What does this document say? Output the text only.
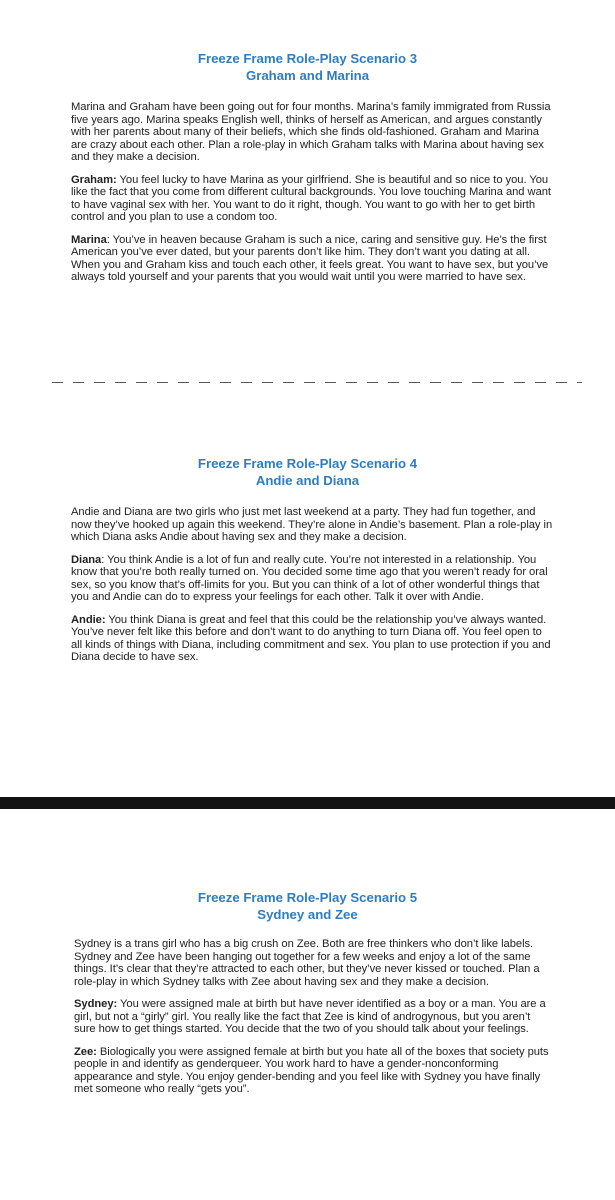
Freeze Frame Role-Play Scenario 3
Graham and Marina

Marina and Graham have been going out for four months. Marina’s family immigrated from Russia five years ago. Marina speaks English well, thinks of herself as American, and argues constantly with her parents about many of their beliefs, which she finds old-fashioned. Graham and Marina are crazy about each other. Plan a role-play in which Graham talks with Marina about having sex and they make a decision.

Graham: You feel lucky to have Marina as your girlfriend. She is beautiful and so nice to you. You like the fact that you come from different cultural backgrounds. You love touching Marina and want to have vaginal sex with her. You want to do it right, though. You want to go with her to get birth control and you plan to use a condom too.

Marina: You’ve in heaven because Graham is such a nice, caring and sensitive guy. He’s the first American you’ve ever dated, but your parents don’t like him. They don’t want you dating at all. When you and Graham kiss and touch each other, it feels great. You want to have sex, but you’ve always told yourself and your parents that you would wait until you were married to have sex.

Freeze Frame Role-Play Scenario 4
Andie and Diana

Andie and Diana are two girls who just met last weekend at a party. They had fun together, and now they’ve hooked up again this weekend. They’re alone in Andie’s basement. Plan a role-play in which Diana asks Andie about having sex and they make a decision.

Diana: You think Andie is a lot of fun and really cute. You’re not interested in a relationship. You know that you’re both really turned on. You decided some time ago that you weren’t ready for oral sex, so you know that’s off-limits for you. But you can think of a lot of other wonderful things that you and Andie can do to express your feelings for each other. Talk it over with Andie.

Andie: You think Diana is great and feel that this could be the relationship you’ve always wanted. You’ve never felt like this before and don’t want to do anything to turn Diana off. You feel open to all kinds of things with Diana, including commitment and sex. You plan to use protection if you and Diana decide to have sex.

Freeze Frame Role-Play Scenario 5
Sydney and Zee

Sydney is a trans girl who has a big crush on Zee. Both are free thinkers who don’t like labels. Sydney and Zee have been hanging out together for a few weeks and enjoy a lot of the same things. It’s clear that they’re attracted to each other, but they’ve never kissed or touched. Plan a role-play in which Sydney talks with Zee about having sex and they make a decision.

Sydney: You were assigned male at birth but have never identified as a boy or a man. You are a girl, but not a “girly” girl. You really like the fact that Zee is kind of androgynous, but you aren’t sure how to get things started. You decide that the two of you should talk about your feelings.

Zee: Biologically you were assigned female at birth but you hate all of the boxes that society puts people in and identify as genderqueer. You work hard to have a gender-nonconforming appearance and style. You enjoy gender-bending and you feel like with Sydney you have finally met someone who really “gets you”.
